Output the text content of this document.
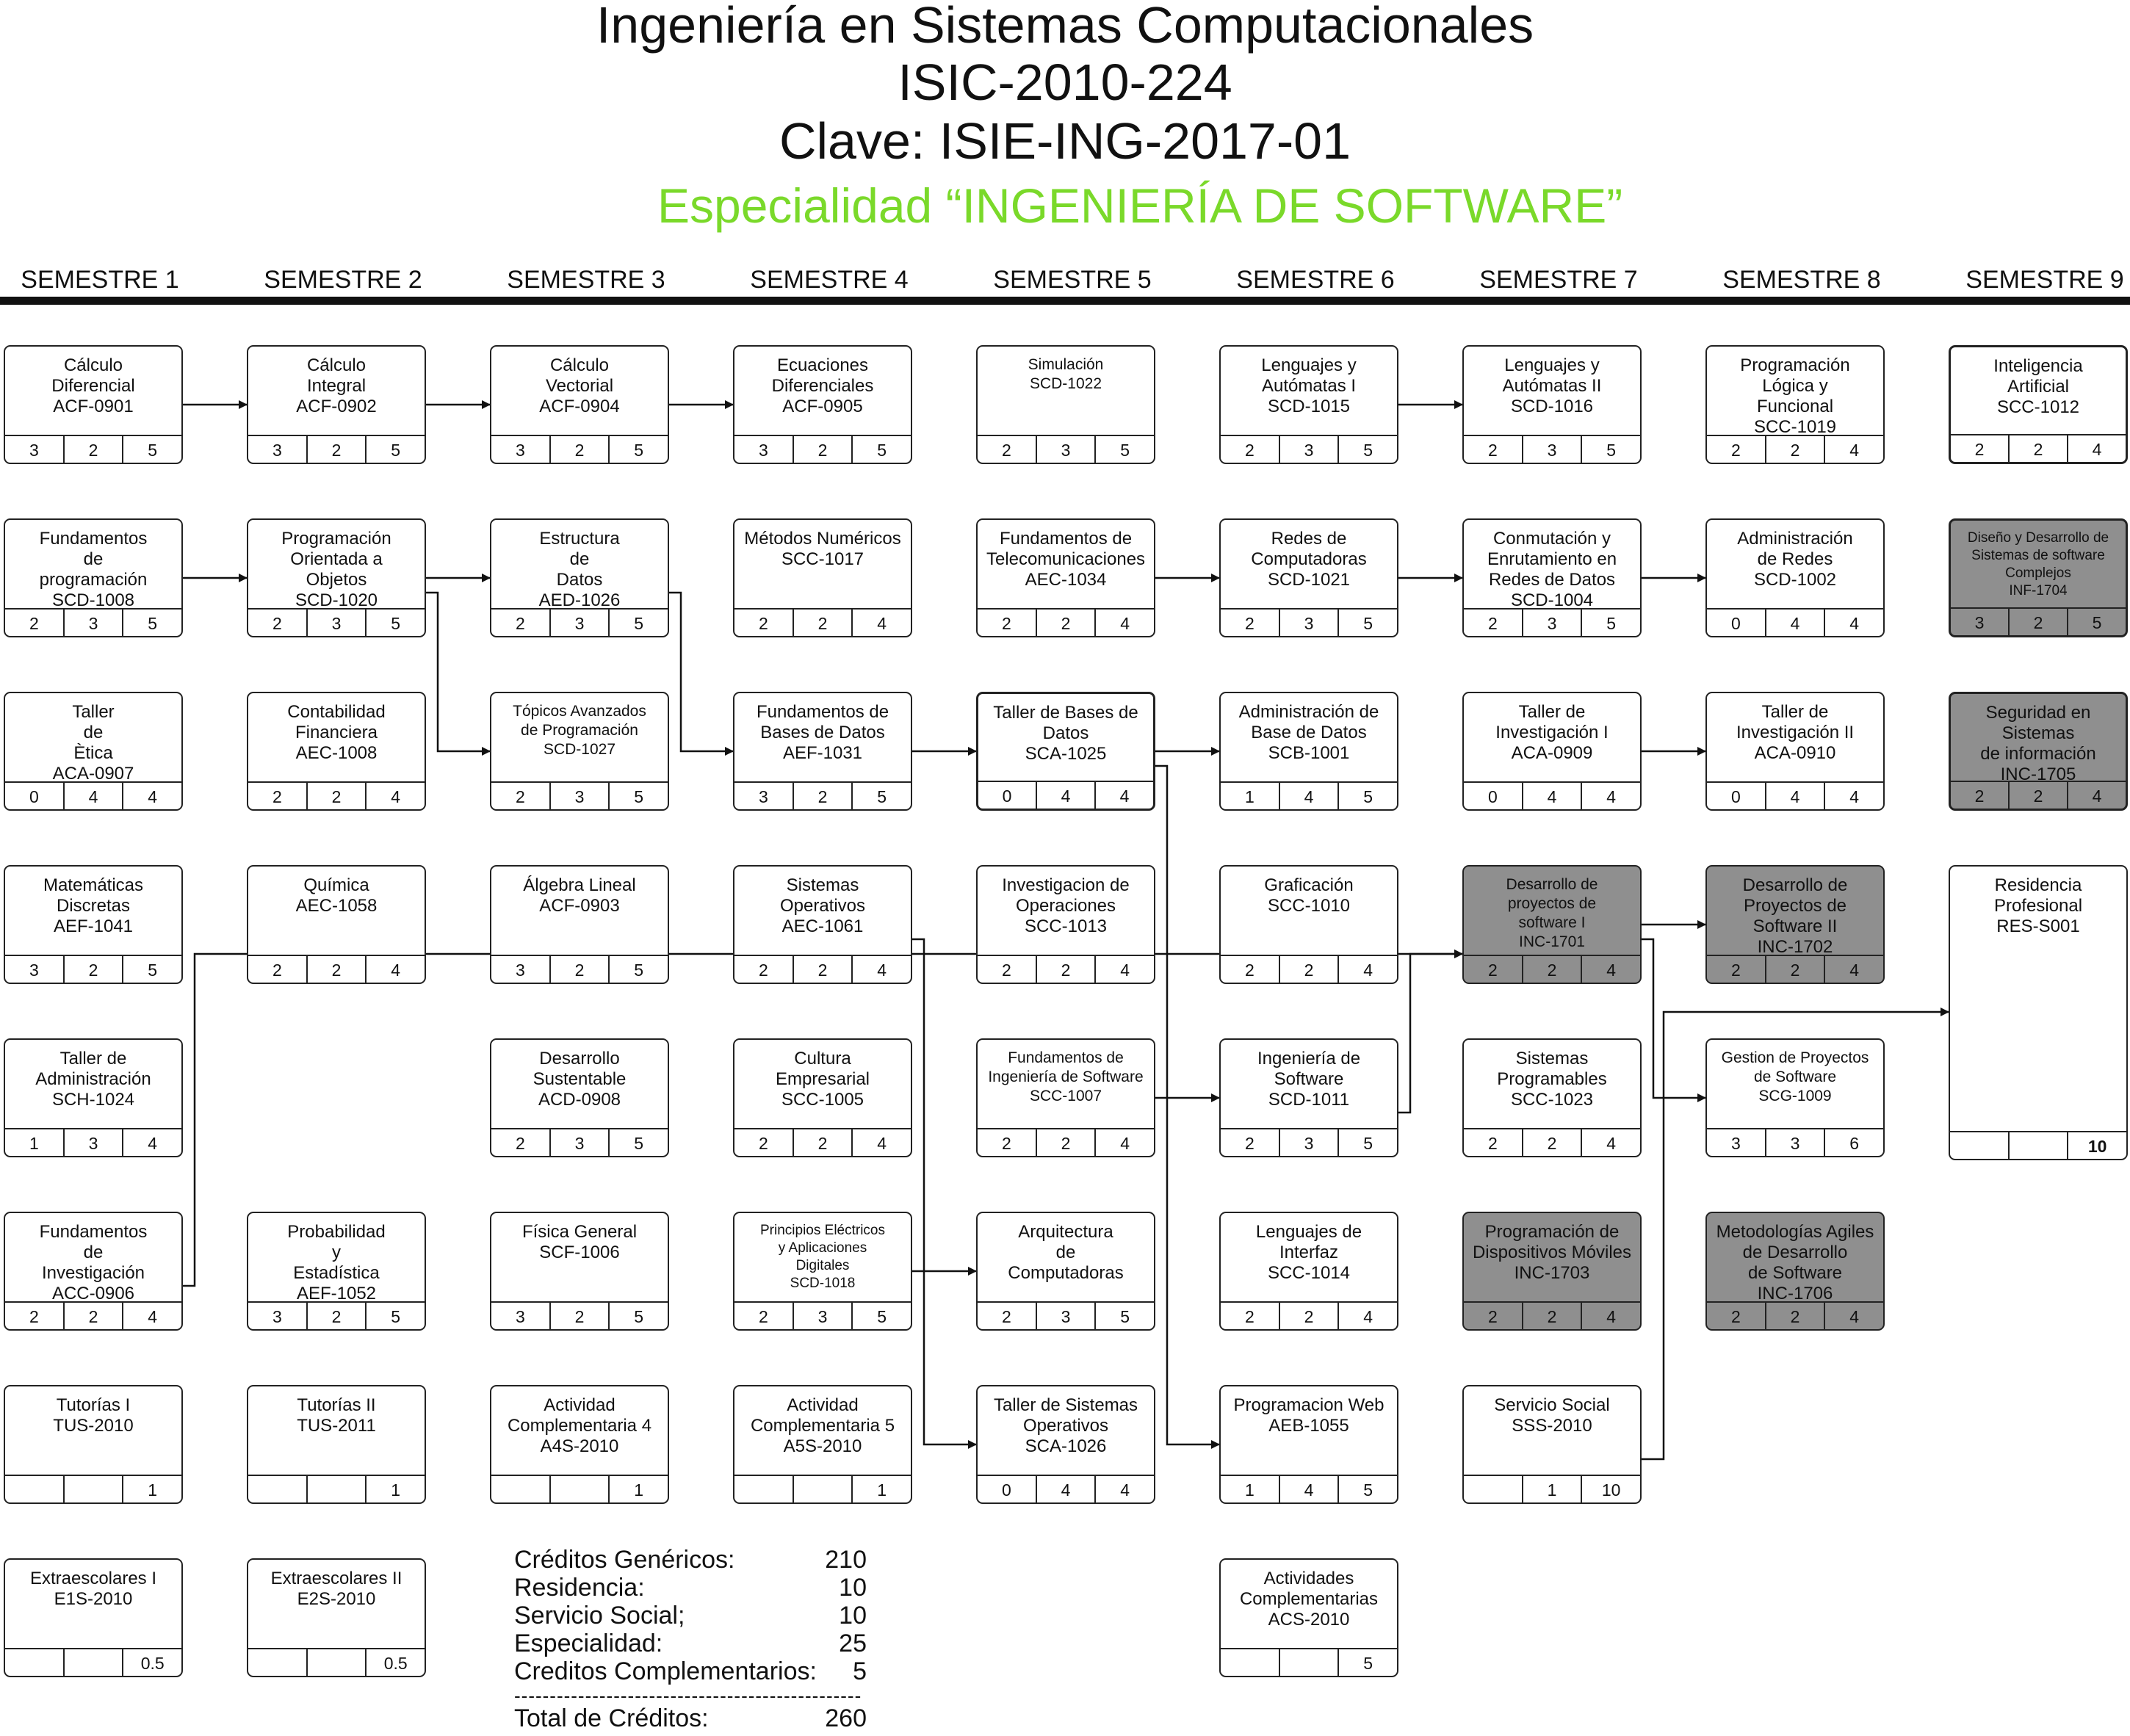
Ingeniería en Sistemas Computacionales
ISIC-2010-224
Clave: ISIE-ING-2017-01
Especialidad “INGENIERÍA DE SOFTWARE”
SEMESTRE 1	SEMESTRE 2	SEMESTRE 3	SEMESTRE 4	SEMESTRE 5	SEMESTRE 6	SEMESTRE 7	SEMESTRE 8	SEMESTRE 9
Cálculo
Diferencial
ACF-0901
3	2	5
Fundamentos
de
programación
SCD-1008
2	3	5
Taller
de
Ètica
ACA-0907
0	4	4
Matemáticas
Discretas
AEF-1041
3	2	5
Taller de
Administración
SCH-1024
1	3	4
Fundamentos
de
Investigación
ACC-0906
2	2	4
Tutorías I
TUS-2010
1
Extraescolares I
E1S-2010
0.5
Cálculo
Integral
ACF-0902
3	2	5
Programación
Orientada a
Objetos
SCD-1020
2	3	5
Contabilidad
Financiera
AEC-1008
2	2	4
Química
AEC-1058
2	2	4
Probabilidad
y
Estadística
AEF-1052
3	2	5
Tutorías II
TUS-2011
1
Extraescolares II
E2S-2010
0.5
Cálculo
Vectorial
ACF-0904
3	2	5
Estructura
de
Datos
AED-1026
2	3	5
Tópicos Avanzados
de Programación
SCD-1027
2	3	5
Álgebra Lineal
ACF-0903
3	2	5
Desarrollo
Sustentable
ACD-0908
2	3	5
Física General
SCF-1006
3	2	5
Actividad
Complementaria 4
A4S-2010
1
Ecuaciones
Diferenciales
ACF-0905
3	2	5
Métodos Numéricos
SCC-1017
2	2	4
Fundamentos de
Bases de Datos
AEF-1031
3	2	5
Sistemas
Operativos
AEC-1061
2	2	4
Cultura
Empresarial
SCC-1005
2	2	4
Principios Eléctricos
y Aplicaciones
Digitales
SCD-1018
2	3	5
Actividad
Complementaria 5
A5S-2010
1
Simulación
SCD-1022
2	3	5
Fundamentos de
Telecomunicaciones
AEC-1034
2	2	4
Taller de Bases de
Datos
SCA-1025
0	4	4
Investigacion de
Operaciones
SCC-1013
2	2	4
Fundamentos de
Ingeniería de Software
SCC-1007
2	2	4
Arquitectura
de
Computadoras
2	3	5
Taller de Sistemas
Operativos
SCA-1026
0	4	4
Lenguajes y
Autómatas I
SCD-1015
2	3	5
Redes de
Computadoras
SCD-1021
2	3	5
Administración de
Base de Datos
SCB-1001
1	4	5
Graficación
SCC-1010
2	2	4
Ingeniería de
Software
SCD-1011
2	3	5
Lenguajes de
Interfaz
SCC-1014
2	2	4
Programacion Web
AEB-1055
1	4	5
Actividades
Complementarias
ACS-2010
5
Lenguajes y
Autómatas II
SCD-1016
2	3	5
Conmutación y
Enrutamiento en
Redes de Datos
SCD-1004
2	3	5
Taller de
Investigación I
ACA-0909
0	4	4
Desarrollo de
proyectos de
software I
INC-1701
2	2	4
Sistemas
Programables
SCC-1023
2	2	4
Programación de
Dispositivos Móviles
INC-1703
2	2	4
Servicio Social
SSS-2010
1	10
Programación
Lógica y
Funcional
SCC-1019
2	2	4
Administración
de Redes
SCD-1002
0	4	4
Taller de
Investigación II
ACA-0910
0	4	4
Desarrollo de
Proyectos de
Software II
INC-1702
2	2	4
Gestion de Proyectos
de Software
SCG-1009
3	3	6
Metodologías Agiles
de Desarrollo
de Software
INC-1706
2	2	4
Inteligencia
Artificial
SCC-1012
2	2	4
Diseño y Desarrollo de
Sistemas de software
Complejos
INF-1704
3	2	5
Seguridad en
Sistemas
de información
INC-1705
2	2	4
Residencia
Profesional
RES-S001
10
Créditos Genéricos:	210
Residencia:	10
Servicio Social;	10
Especialidad:	25
Creditos Complementarios: 5
-------------------------------------------------
Total de Créditos:	260
